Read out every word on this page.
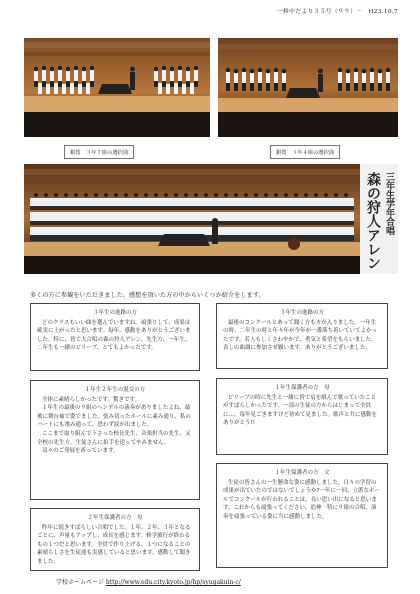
一修中だより３５号（９９）－　H23.10.7
銀賞　３年７組の選択曲	銀賞　３年４組の選択曲
三年生学年合唱
森の狩人アレン
多くの方に参観をいただきました。感想を頂いた方の中からいくつか紹介をします。
３年生の進路の方

どのクラスもいい曲を選んでいますね。頑張りして、成果は確実に上がったと思います。毎年、感動をありがとうございました。特に、皆で大合唱の森の狩人アレン、先生方、一年生、二年生も一緒のビリーブ、とてもよかったです。

１年生２年生の混交の方

全体に素晴らしかったです。驚きです。

１年生の最後の９組のヘンデルの演奏がありましたよね。最後に舞台袖で姿でました。張み切ったホールに素み通り、私のハートにも滲み通って、思わず涙が出ました。

ここまで取り組んで下さった校長先生、音楽担当の先生、又全校の先生方、生徒さんに拍手を送ってやみません。

益々のご発展を祈っています。

２年生保護者の方　母

昨年に続きすばらしい合唱でした。１年、２年、３年となるごとに、声量もアップし、成長を感じます。修学旅行が終わるもの１つだと思います。全員で作り上げる、１つになることの素晴らしさを生徒達も実感していると思います。感動して聞きました。

３年生の進路の方

最後のコンクールとあって聞く方もカが入りました。一年生の時、二年生の時と年々年が今年が一番落ち着いていてよかったです。若人もしくさわやかで、勇気と希望をもらいました。表しの曲調に参加させ願います。ありがとうございました。

１年生保護者の方　母

ビリーブの時に先生と一緒に皆で肩を組んで歌っていたことがすばらしかったです。一部の生徒の方からはじまって全員に…。毎年見ごきますけど初めて見ました。歌声と共に感動をありがとう!!

１年生保護者の方　父

生徒の皆さんの一生懸命な姿に感動しました。日々の学習の成果が出ていたのではないでしょうか?一年に一回、立派なホールでコンクールが行われることは、良い思い出になると思います。これからも頑張ってください。追伸　特に９組の合唱、演奏を頑張っている姿に当に感動しました。

学校ホームページ http://www.edu.city.kyoto.jp/hp/syugakuin-c/
